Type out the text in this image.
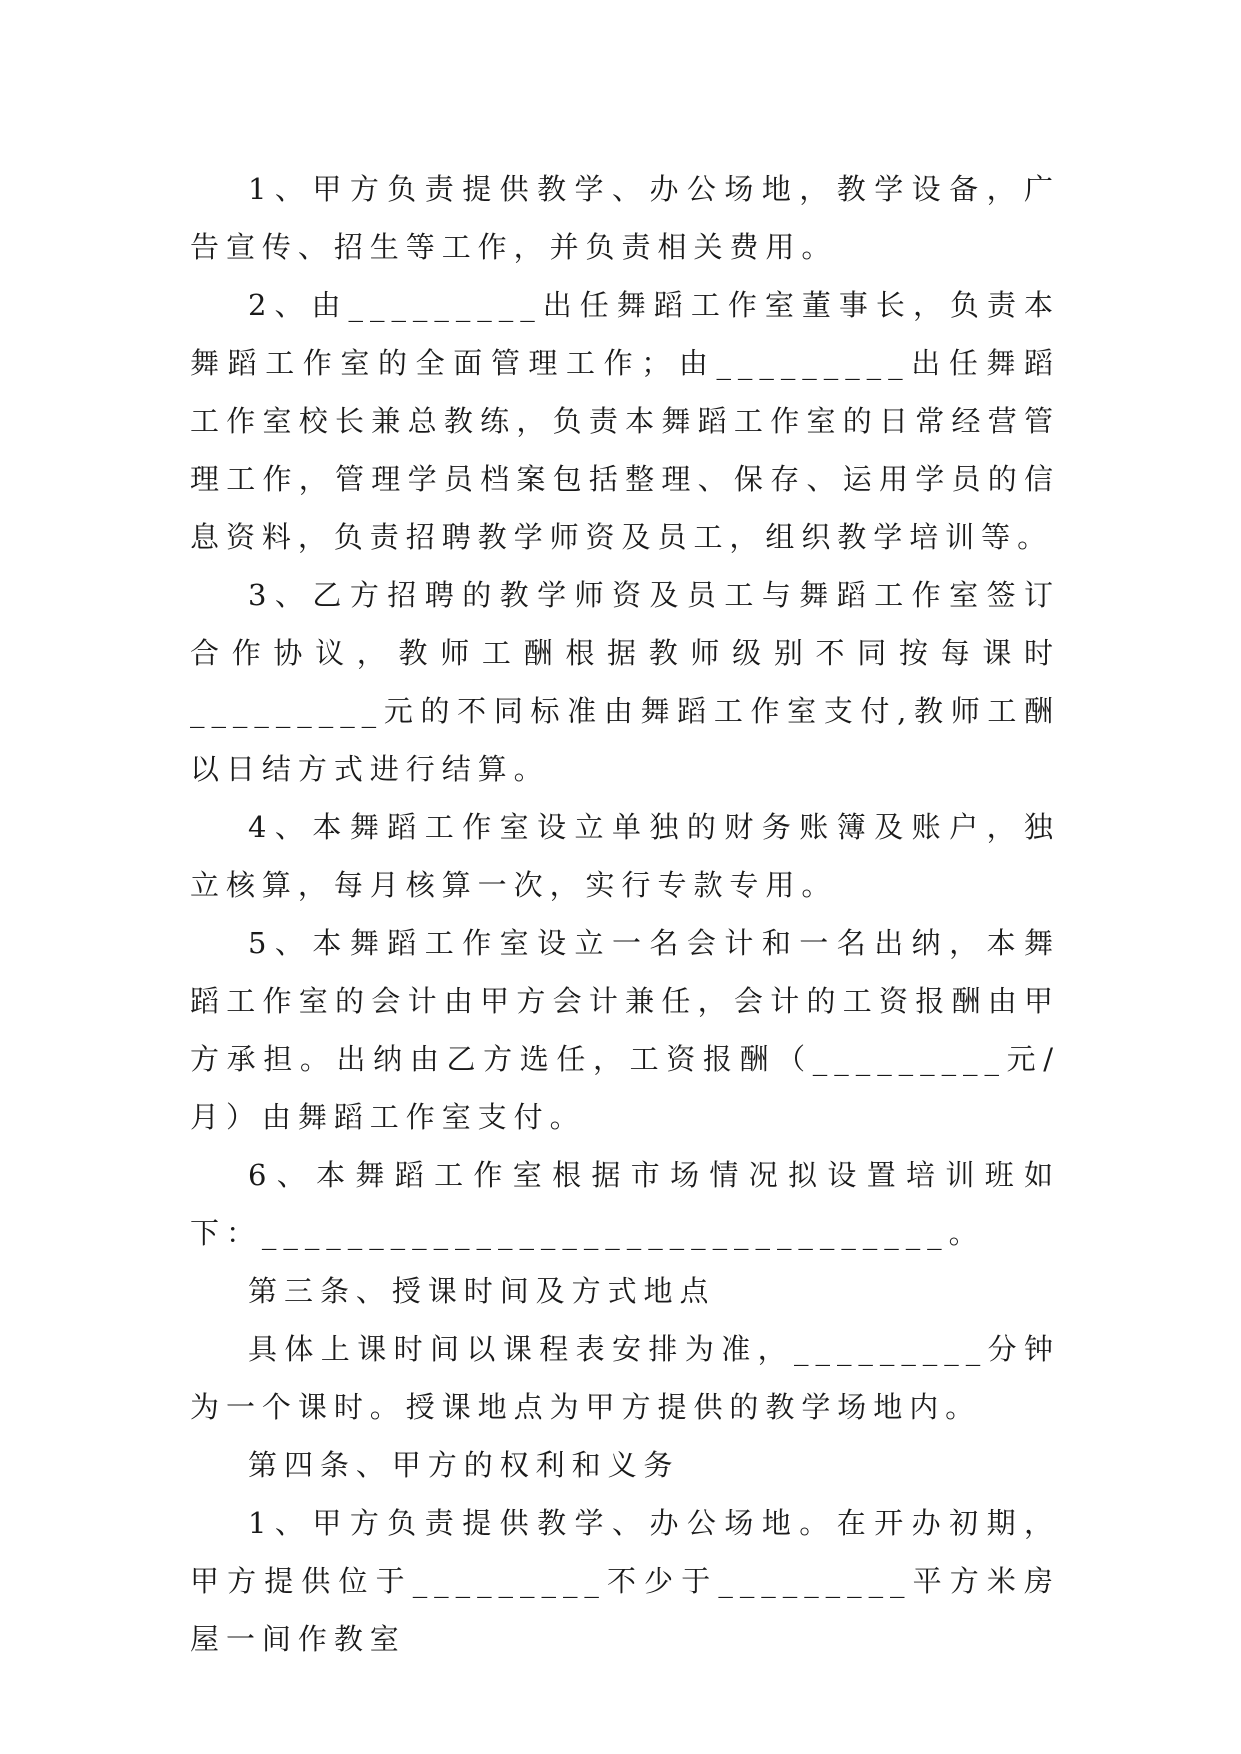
1、甲方负责提供教学、办公场地，教学设备，广告宣传、招生等工作，并负责相关费用。

2、由_________出任舞蹈工作室董事长，负责本舞蹈工作室的全面管理工作；由_________出任舞蹈工作室校长兼总教练，负责本舞蹈工作室的日常经营管理工作，管理学员档案包括整理、保存、运用学员的信息资料，负责招聘教学师资及员工，组织教学培训等。

3、乙方招聘的教学师资及员工与舞蹈工作室签订合作协议，教师工酬根据教师级别不同按每课时_________元的不同标准由舞蹈工作室支付,教师工酬以日结方式进行结算。

4、本舞蹈工作室设立单独的财务账簿及账户，独立核算，每月核算一次，实行专款专用。

5、本舞蹈工作室设立一名会计和一名出纳，本舞蹈工作室的会计由甲方会计兼任，会计的工资报酬由甲方承担。出纳由乙方选任，工资报酬（_________元/月）由舞蹈工作室支付。

6、本舞蹈工作室根据市场情况拟设置培训班如下：________________________________。

第三条、授课时间及方式地点

具体上课时间以课程表安排为准，_________分钟为一个课时。授课地点为甲方提供的教学场地内。

第四条、甲方的权利和义务

1、甲方负责提供教学、办公场地。在开办初期，甲方提供位于_________不少于_________平方米房屋一间作教室
